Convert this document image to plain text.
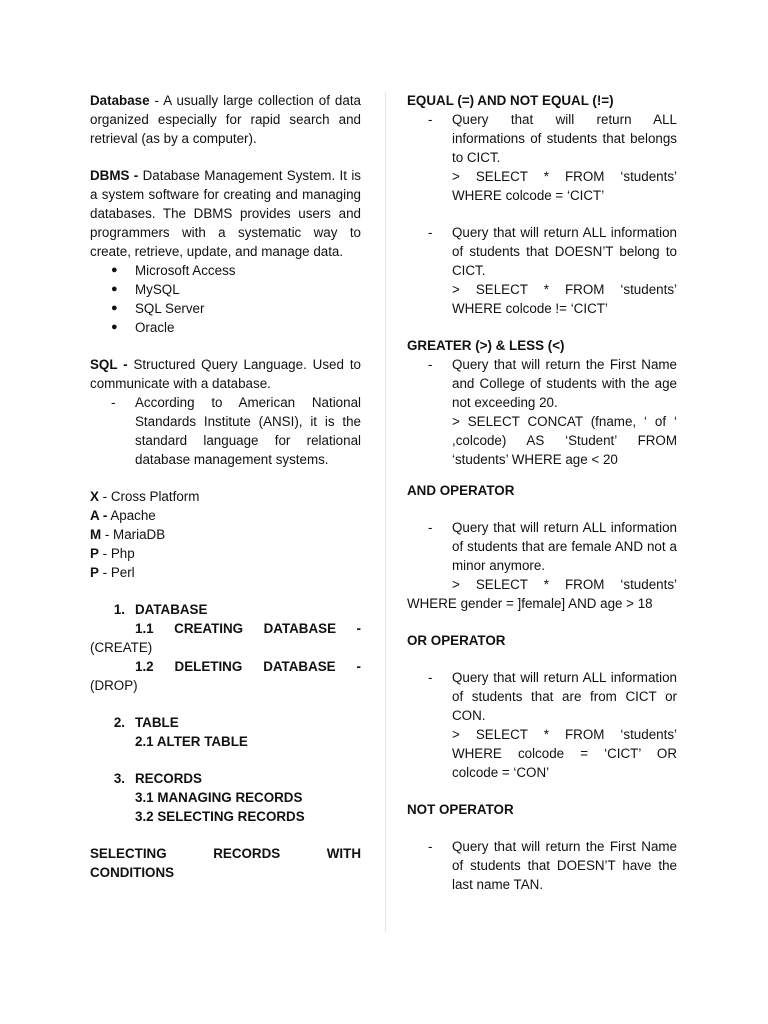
Database - A usually large collection of data organized especially for rapid search and retrieval (as by a computer).

DBMS - Database Management System. It is a system software for creating and managing databases. The DBMS provides users and programmers with a systematic way to create, retrieve, update, and manage data.

●	Microsoft Access
●	MySQL
●	SQL Server
●	Oracle

SQL - Structured Query Language. Used to communicate with a database.

-	According to American National Standards Institute (ANSI), it is the standard language for relational database management systems.

X - Cross Platform

A - Apache

M - MariaDB

P - Php

P - Perl

1. DATABASE
1.1 CREATING DATABASE -

(CREATE)

1.2 DELETING DATABASE -

(DROP)

2. TABLE
2.1 ALTER TABLE
3. RECORDS
3.1 MANAGING RECORDS
3.2 SELECTING RECORDS
SELECTING RECORDS WITH

CONDITIONS

EQUAL (=) AND NOT EQUAL (!=)

-	Query that will return ALL informations of students that belongs to CICT.
> SELECT * FROM ‘students’ WHERE colcode = ‘CICT’
-	Query that will return ALL information of students that DOESN’T belong to CICT.
> SELECT * FROM ‘students’ WHERE colcode != ‘CICT’

GREATER (>) & LESS (<)

-	Query that will return the First Name and College of students with the age not exceeding 20.
> SELECT CONCAT (fname, ‘ of ‘ ,colcode) AS ‘Student’ FROM ‘students’ WHERE age < 20

AND OPERATOR

-	Query that will return ALL information of students that are female AND not a minor anymore.

> SELECT * FROM ‘students’

WHERE gender = ]female] AND age > 18

OR OPERATOR

-	Query that will return ALL information of students that are from CICT or CON.
> SELECT * FROM ‘students’ WHERE colcode = ‘CICT’ OR colcode = ‘CON’

NOT OPERATOR

-	Query that will return the First Name of students that DOESN’T have the last name TAN.
